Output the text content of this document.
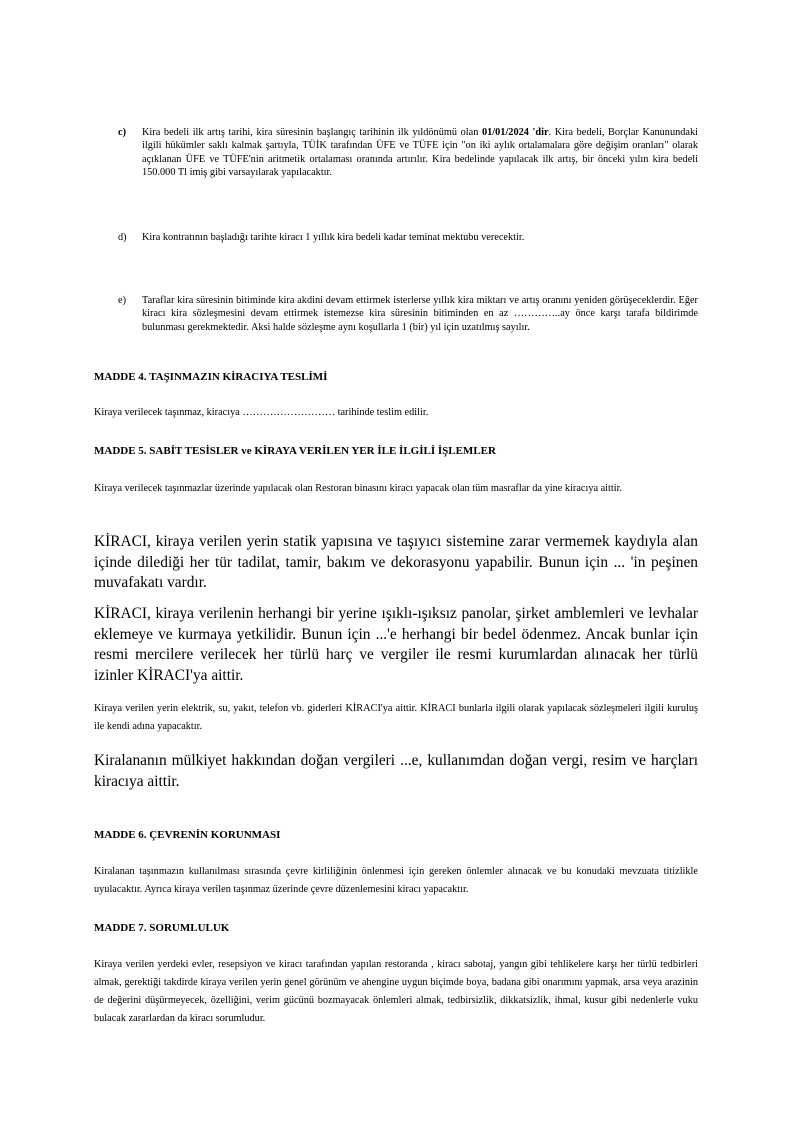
c)	Kira bedeli ilk artış tarihi, kira süresinin başlangıç tarihinin ilk yıldönümü olan 01/01/2024 'dir. Kira bedeli, Borçlar Kanunundaki ilgili hükümler saklı kalmak şartıyla, TÜİK tarafından ÜFE ve TÜFE için "on iki aylık ortalamalara göre değişim oranları" olarak açıklanan ÜFE ve TÜFE'nin aritmetik ortalaması oranında artırılır. Kira bedelinde yapılacak ilk artış, bir önceki yılın kira bedeli 150.000 Tl imiş gibi varsayılarak yapılacaktır.
d)	Kira kontratının başladığı tarihte kiracı 1 yıllık kira bedeli kadar teminat mektubu verecektir.
e)	Taraflar kira süresinin bitiminde kira akdini devam ettirmek isterlerse yıllık kira miktarı ve artış oranını yeniden görüşeceklerdir. Eğer kiracı kira sözleşmesini devam ettirmek istemezse kira süresinin bitiminden en az …………..ay önce karşı tarafa bildirimde bulunması gerekmektedir. Aksi halde sözleşme aynı koşullarla 1 (bir) yıl için uzatılmış sayılır.
MADDE 4. TAŞINMAZIN KİRACIYA TESLİMİ
Kiraya verilecek taşınmaz, kiracıya ……………………… tarihinde teslim edilir.
MADDE 5. SABİT TESİSLER ve KİRAYA VERİLEN YER İLE İLGİLİ İŞLEMLER
Kiraya verilecek taşınmazlar üzerinde yapılacak olan Restoran binasını kiracı yapacak olan tüm masraflar da yine kiracıya aittir.
KİRACI, kiraya verilen yerin statik yapısına ve taşıyıcı sistemine zarar vermemek kaydıyla alan içinde dilediği her tür tadilat, tamir, bakım ve dekorasyonu yapabilir. Bunun için ... 'in peşinen muvafakatı vardır.
KİRACI, kiraya verilenin herhangi bir yerine ışıklı-ışıksız panolar, şirket amblemleri ve levhalar eklemeye ve kurmaya yetkilidir. Bunun için ...'e herhangi bir bedel ödenmez. Ancak bunlar için resmi mercilere verilecek her türlü harç ve vergiler ile resmi kurumlardan alınacak her türlü izinler KİRACI'ya aittir.
Kiraya verilen yerin elektrik, su, yakıt, telefon vb. giderleri KİRACI'ya aittir. KİRACI bunlarla ilgili olarak yapılacak sözleşmeleri ilgili kuruluş ile kendi adına yapacaktır.
Kiralananın mülkiyet hakkından doğan vergileri ...e, kullanımdan doğan vergi, resim ve harçları kiracıya aittir.
MADDE 6. ÇEVRENİN KORUNMASI
Kiralanan taşınmazın kullanılması sırasında çevre kirliliğinin önlenmesi için gereken önlemler alınacak ve bu konudaki mevzuata titizlikle uyulacaktır. Ayrıca kiraya verilen taşınmaz üzerinde çevre düzenlemesini kiracı yapacaktır.
MADDE 7. SORUMLULUK
Kiraya verilen yerdeki evler, resepsiyon ve kiracı tarafından yapılan restoranda , kiracı sabotaj, yangın gibi tehlikelere karşı her türlü tedbirleri almak, gerektiği takdirde kiraya verilen yerin genel görünüm ve ahengine uygun biçimde boya, badana gibi onarımını yapmak, arsa veya arazinin de değerini düşürmeyecek, özelliğini, verim gücünü bozmayacak önlemleri almak, tedbirsizlik, dikkatsizlik, ihmal, kusur gibi nedenlerle vuku bulacak zararlardan da kiracı sorumludur.
